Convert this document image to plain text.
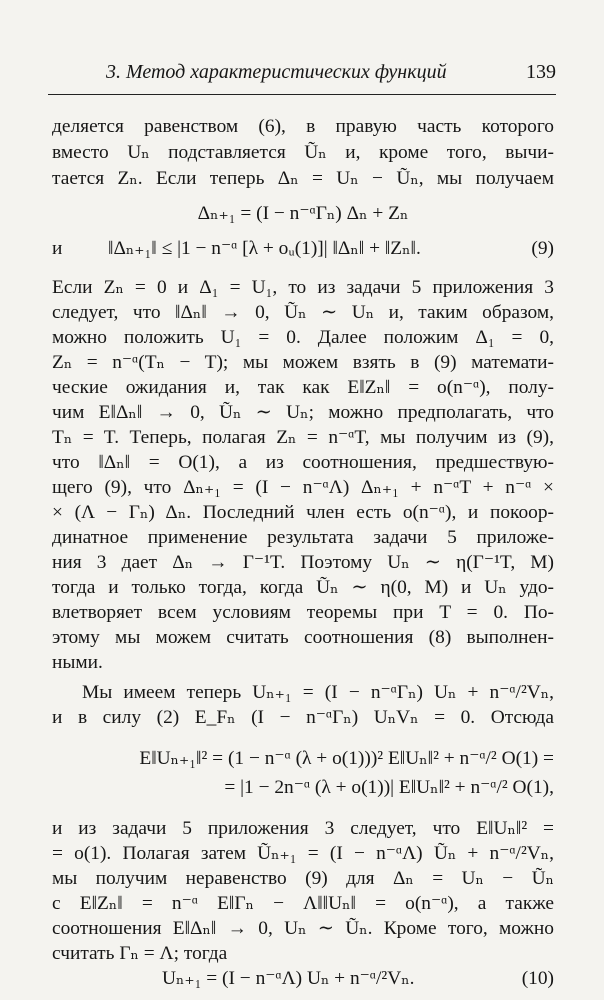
3. Метод характеристических функций	139
деляется равенством (6), в правую часть которого
вместо Uₙ подставляется Ũₙ и, кроме того, вычи-
тается Zₙ. Если теперь Δₙ = Uₙ − Ũₙ, мы получаем
Δₙ₊₁ = (I − n⁻ᵅΓₙ) Δₙ + Zₙ
и ‖Δₙ₊₁‖ ≤ |1 − n⁻ᵅ [λ + oᵤ(1)]| ‖Δₙ‖ + ‖Zₙ‖.	(9)
Если Zₙ = 0 и Δ₁ = U₁, то из задачи 5 приложения 3
следует, что ‖Δₙ‖ → 0, Ũₙ ∼ Uₙ и, таким образом,
можно положить U₁ = 0. Далее положим Δ₁ = 0,
Zₙ = n⁻ᵅ(Tₙ − T); мы можем взять в (9) математи-
ческие ожидания и, так как E‖Zₙ‖ = o(n⁻ᵅ), полу-
чим E‖Δₙ‖ → 0, Ũₙ ∼ Uₙ; можно предполагать, что
Tₙ = T. Теперь, полагая Zₙ = n⁻ᵅT, мы получим из (9),
что ‖Δₙ‖ = O(1), а из соотношения, предшествую-
щего (9), что Δₙ₊₁ = (I − n⁻ᵅΛ) Δₙ₊₁ + n⁻ᵅT + n⁻ᵅ ×
× (Λ − Γₙ) Δₙ. Последний член есть o(n⁻ᵅ), и покоор-
динатное применение результата задачи 5 приложе-
ния 3 дает Δₙ → Γ⁻¹T. Поэтому Uₙ ∼ η(Γ⁻¹T, M)
тогда и только тогда, когда Ũₙ ∼ η(0, M) и Uₙ удо-
влетворяет всем условиям теоремы при T = 0. По-
этому мы можем считать соотношения (8) выполнен-
ными.
Мы имеем теперь Uₙ₊₁ = (I − n⁻ᵅΓₙ) Uₙ + n⁻ᵅ/²Vₙ,
и в силу (2) E_Fₙ (I − n⁻ᵅΓₙ) UₙVₙ = 0. Отсюда
E‖Uₙ₊₁‖² = (1 − n⁻ᵅ (λ + o(1)))² E‖Uₙ‖² + n⁻ᵅ/² O(1) =
= |1 − 2n⁻ᵅ (λ + o(1))| E‖Uₙ‖² + n⁻ᵅ/² O(1),
и из задачи 5 приложения 3 следует, что E‖Uₙ‖² =
= o(1). Полагая затем Ũₙ₊₁ = (I − n⁻ᵅΛ) Ũₙ + n⁻ᵅ/²Vₙ,
мы получим неравенство (9) для Δₙ = Uₙ − Ũₙ
с E‖Zₙ‖ = n⁻ᵅ E‖Γₙ − Λ‖‖Uₙ‖ = o(n⁻ᵅ), а также
соотношения E‖Δₙ‖ → 0, Uₙ ∼ Ũₙ. Кроме того, можно
считать Γₙ = Λ; тогда
Uₙ₊₁ = (I − n⁻ᵅΛ) Uₙ + n⁻ᵅ/²Vₙ.	(10)
